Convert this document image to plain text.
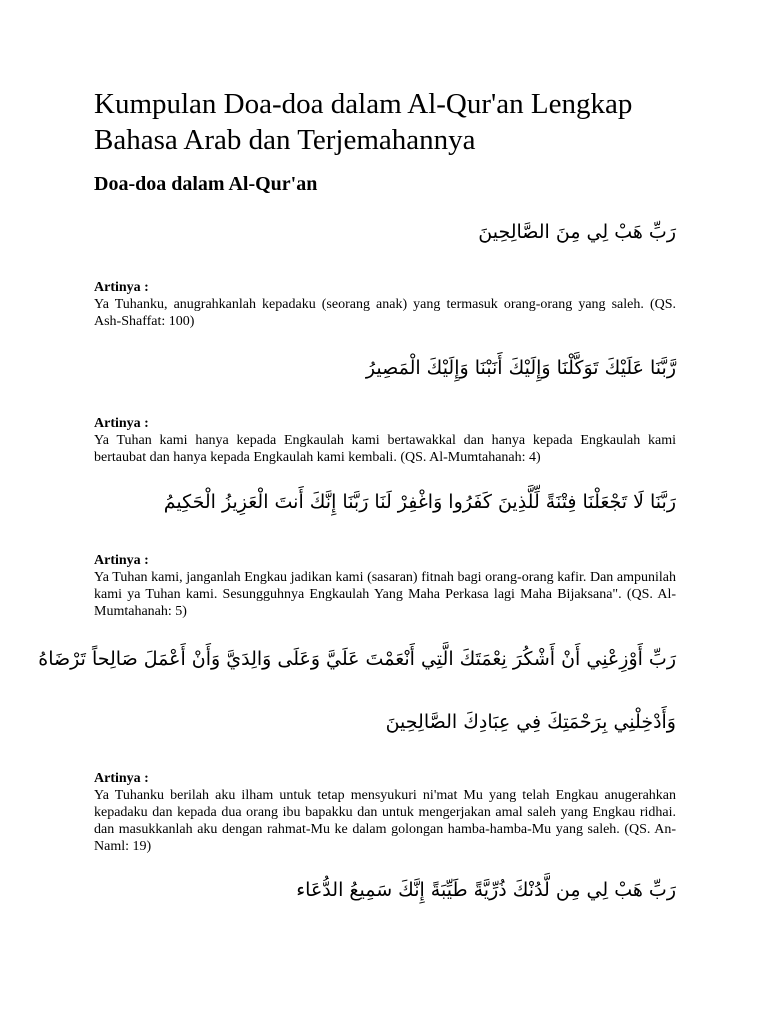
Kumpulan Doa-doa dalam Al-Qur'an Lengkap Bahasa Arab dan Terjemahannya
Doa-doa dalam Al-Qur'an

رَبِّ هَبْ لِي مِنَ الصَّالِحِينَ

Artinya :
Ya Tuhanku, anugrahkanlah kepadaku (seorang anak) yang termasuk orang-orang yang saleh. (QS. Ash-Shaffat: 100)

رَّبَّنَا عَلَيْكَ تَوَكَّلْنَا وَإِلَيْكَ أَنَبْنَا وَإِلَيْكَ الْمَصِيرُ

Artinya :
Ya Tuhan kami hanya kepada Engkaulah kami bertawakkal dan hanya kepada Engkaulah kami bertaubat dan hanya kepada Engkaulah kami kembali. (QS. Al-Mumtahanah: 4)

رَبَّنَا لَا تَجْعَلْنَا فِتْنَةً لِّلَّذِينَ كَفَرُوا وَاغْفِرْ لَنَا رَبَّنَا إِنَّكَ أَنتَ الْعَزِيزُ الْحَكِيمُ

Artinya :
Ya Tuhan kami, janganlah Engkau jadikan kami (sasaran) fitnah bagi orang-orang kafir. Dan ampunilah kami ya Tuhan kami. Sesungguhnya Engkaulah Yang Maha Perkasa lagi Maha Bijaksana". (QS. Al-Mumtahanah: 5)

رَبِّ أَوْزِعْنِي أَنْ أَشْكُرَ نِعْمَتَكَ الَّتِي أَنْعَمْتَ عَلَيَّ وَعَلَى وَالِدَيَّ وَأَنْ أَعْمَلَ صَالِحاً تَرْضَاهُ

وَأَدْخِلْنِي بِرَحْمَتِكَ فِي عِبَادِكَ الصَّالِحِينَ

Artinya :
Ya Tuhanku berilah aku ilham untuk tetap mensyukuri ni'mat Mu yang telah Engkau anugerahkan kepadaku dan kepada dua orang ibu bapakku dan untuk mengerjakan amal saleh yang Engkau ridhai. dan masukkanlah aku dengan rahmat-Mu ke dalam golongan hamba-hamba-Mu yang saleh. (QS. An-Naml: 19)

رَبِّ هَبْ لِي مِن لَّدُنْكَ ذُرِّيَّةً طَيِّبَةً إِنَّكَ سَمِيعُ الدُّعَاء
